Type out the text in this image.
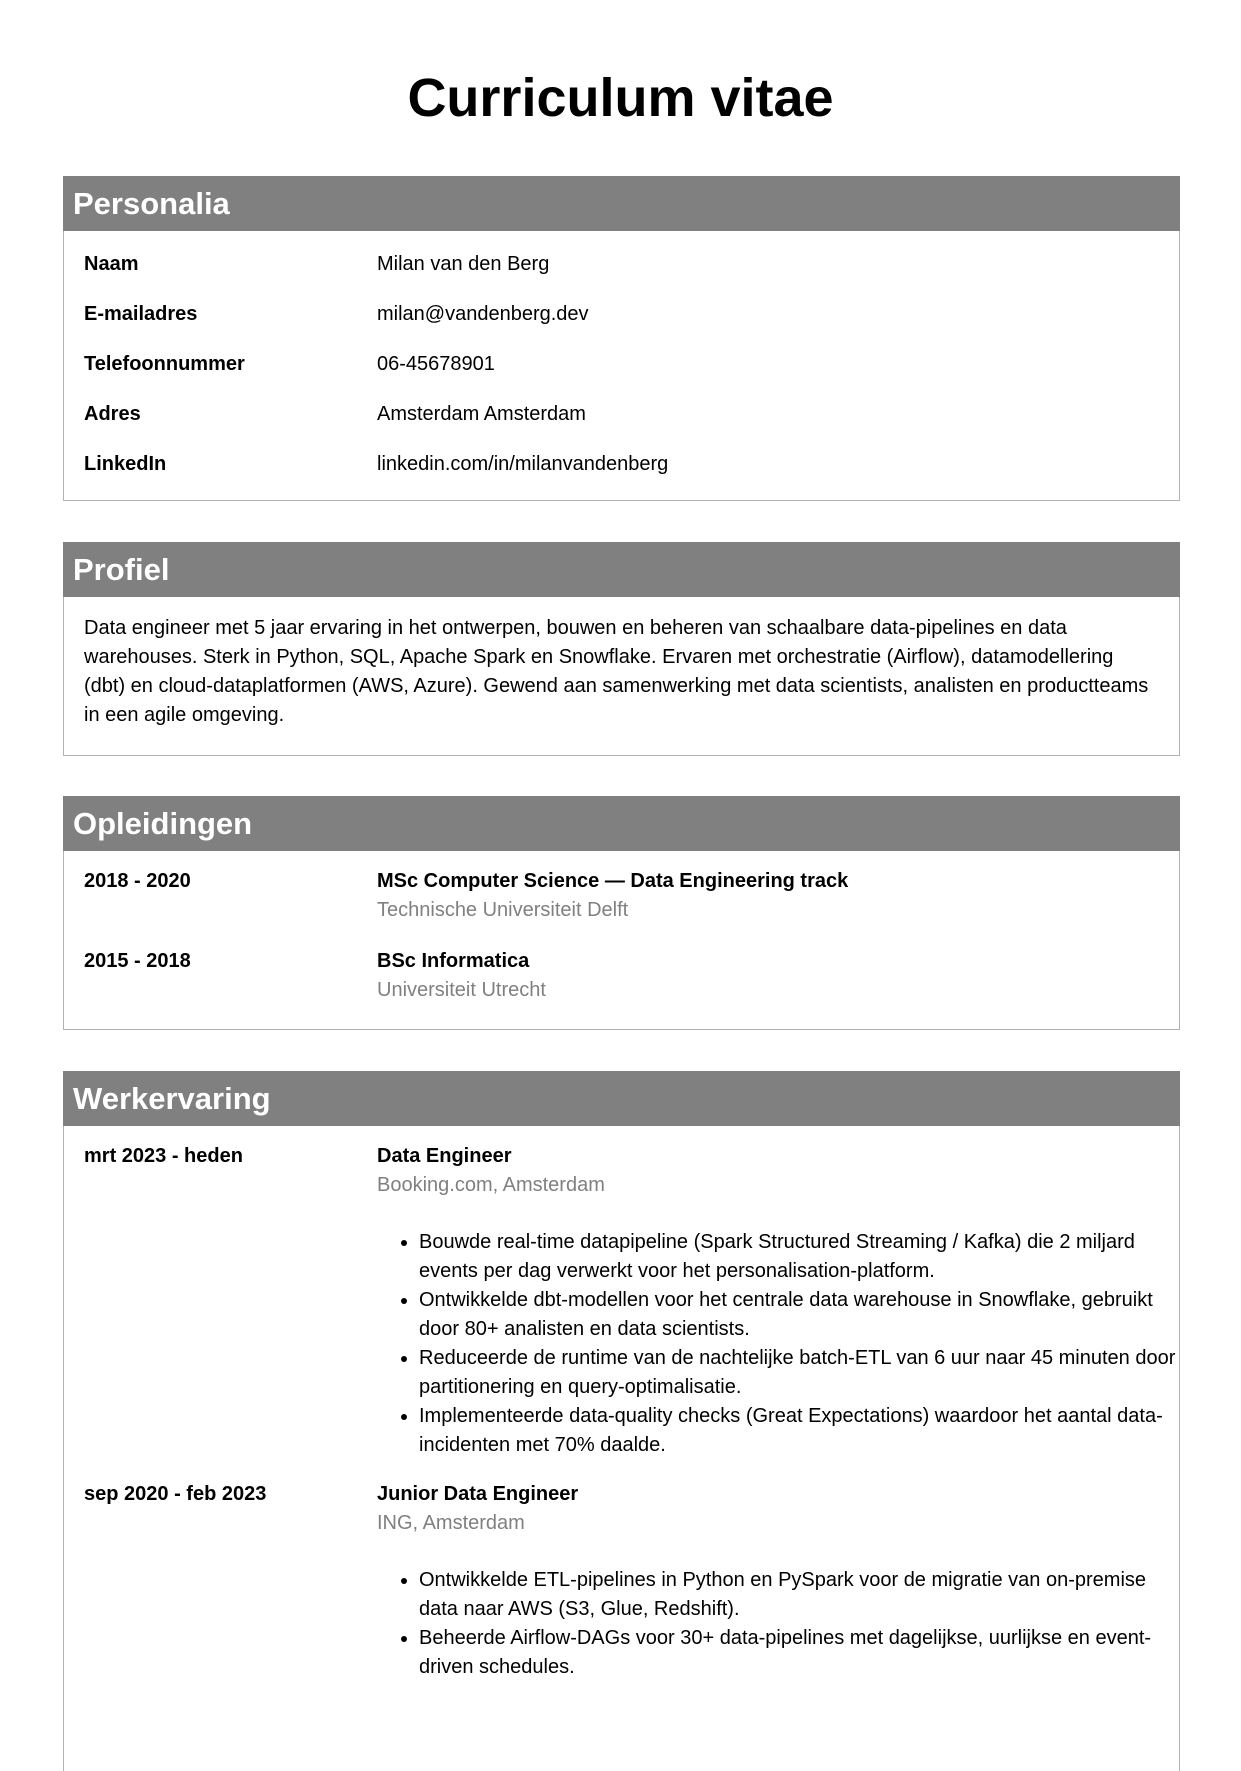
Curriculum vitae
Personalia
Naam	Milan van den Berg
E-mailadres	milan@vandenberg.dev
Telefoonnummer	06-45678901
Adres	Amsterdam Amsterdam
LinkedIn	linkedin.com/in/milanvandenberg
Profiel
Data engineer met 5 jaar ervaring in het ontwerpen, bouwen en beheren van schaalbare data-pipelines en data warehouses. Sterk in Python, SQL, Apache Spark en Snowflake. Ervaren met orchestratie (Airflow), datamodellering (dbt) en cloud-dataplatformen (AWS, Azure). Gewend aan samenwerking met data scientists, analisten en productteams in een agile omgeving.
Opleidingen
2018 - 2020	MSc Computer Science — Data Engineering track
Technische Universiteit Delft
2015 - 2018	BSc Informatica
Universiteit Utrecht
Werkervaring
mrt 2023 - heden	Data Engineer
Booking.com, Amsterdam
• Bouwde real-time datapipeline (Spark Structured Streaming / Kafka) die 2 miljard events per dag verwerkt voor het personalisation-platform.
• Ontwikkelde dbt-modellen voor het centrale data warehouse in Snowflake, gebruikt door 80+ analisten en data scientists.
• Reduceerde de runtime van de nachtelijke batch-ETL van 6 uur naar 45 minuten door partitionering en query-optimalisatie.
• Implementeerde data-quality checks (Great Expectations) waardoor het aantal data-incidenten met 70% daalde.
sep 2020 - feb 2023	Junior Data Engineer
ING, Amsterdam
• Ontwikkelde ETL-pipelines in Python en PySpark voor de migratie van on-premise data naar AWS (S3, Glue, Redshift).
• Beheerde Airflow-DAGs voor 30+ data-pipelines met dagelijkse, uurlijkse en event-driven schedules.
